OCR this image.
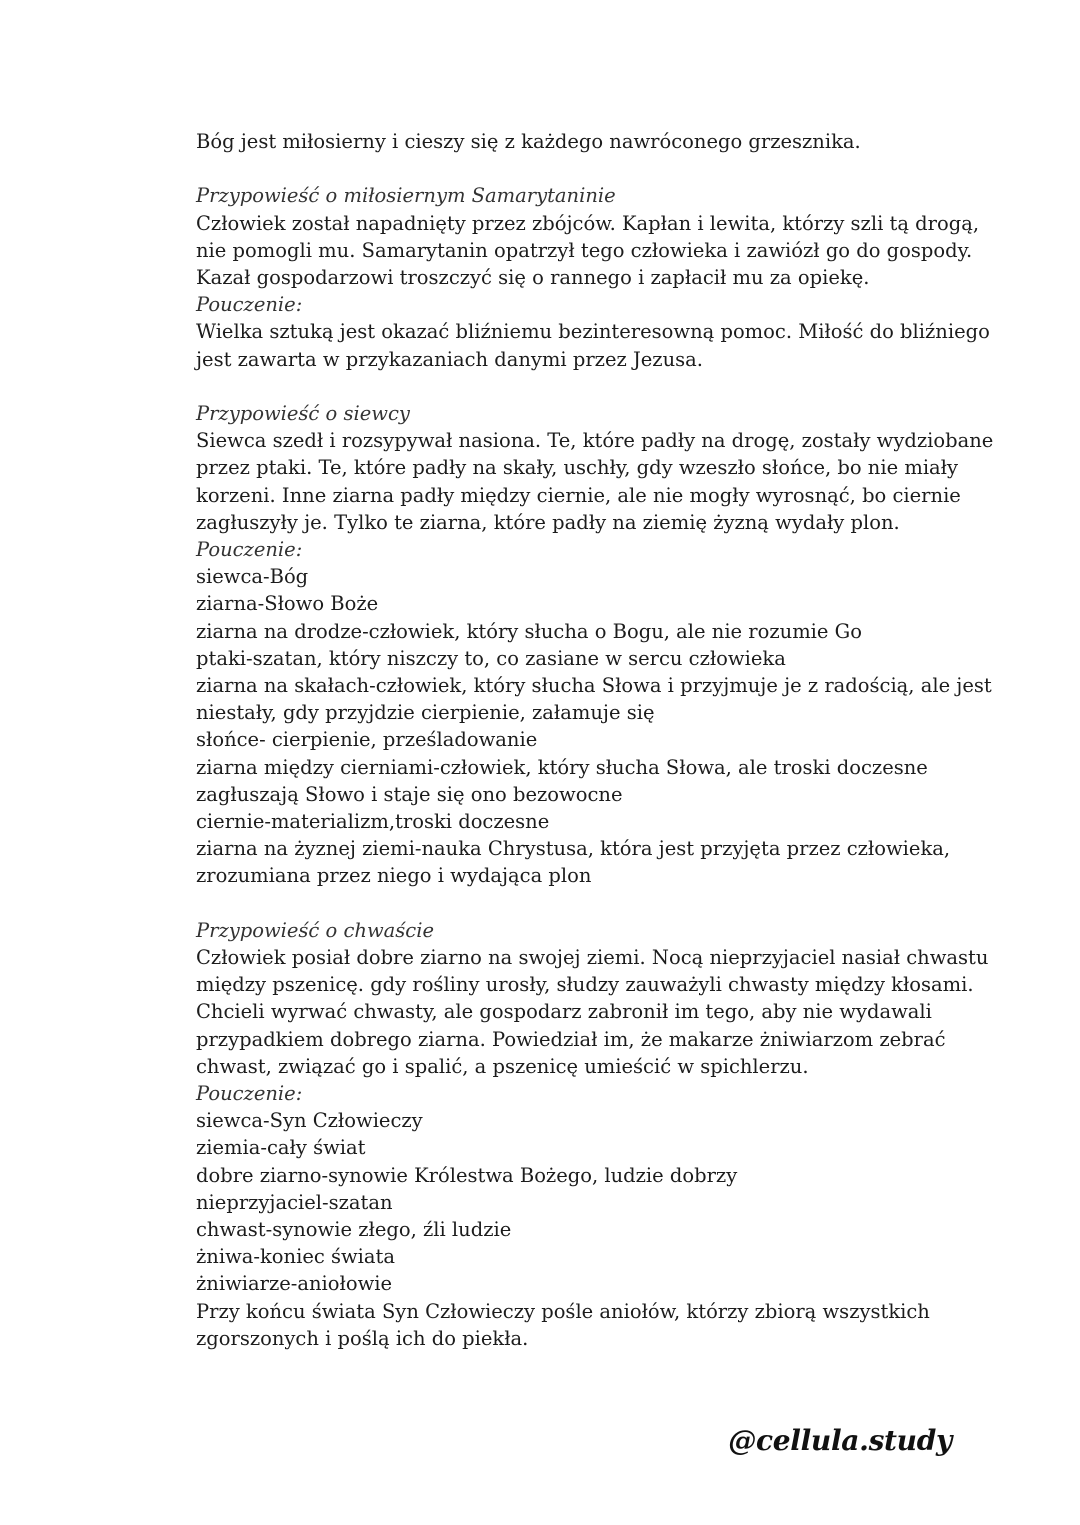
Bóg jest miłosierny i cieszy się z każdego nawróconego grzesznika.
Przypowieść o miłosiernym Samarytaninie
Człowiek został napadnięty przez zbójców. Kapłan i lewita, którzy szli tą drogą,
nie pomogli mu. Samarytanin opatrzył tego człowieka i zawiózł go do gospody.
Kazał gospodarzowi troszczyć się o rannego i zapłacił mu za opiekę.
Pouczenie:
Wielka sztuką jest okazać bliźniemu bezinteresowną pomoc. Miłość do bliźniego
jest zawarta w przykazaniach danymi przez Jezusa.
Przypowieść o siewcy
Siewca szedł i rozsypywał nasiona. Te, które padły na drogę, zostały wydziobane
przez ptaki. Te, które padły na skały, uschły, gdy wzeszło słońce, bo nie miały
korzeni. Inne ziarna padły między ciernie, ale nie mogły wyrosnąć, bo ciernie
zagłuszyły je. Tylko te ziarna, które padły na ziemię żyzną wydały plon.
Pouczenie:
siewca-Bóg
ziarna-Słowo Boże
ziarna na drodze-człowiek, który słucha o Bogu, ale nie rozumie Go
ptaki-szatan, który niszczy to, co zasiane w sercu człowieka
ziarna na skałach-człowiek, który słucha Słowa i przyjmuje je z radością, ale jest
niestały, gdy przyjdzie cierpienie, załamuje się
słońce- cierpienie, prześladowanie
ziarna między cierniami-człowiek, który słucha Słowa, ale troski doczesne
zagłuszają Słowo i staje się ono bezowocne
ciernie-materializm,troski doczesne
ziarna na żyznej ziemi-nauka Chrystusa, która jest przyjęta przez człowieka,
zrozumiana przez niego i wydająca plon
Przypowieść o chwaście
Człowiek posiał dobre ziarno na swojej ziemi. Nocą nieprzyjaciel nasiał chwastu
między pszenicę. gdy rośliny urosły, słudzy zauważyli chwasty między kłosami.
Chcieli wyrwać chwasty, ale gospodarz zabronił im tego, aby nie wydawali
przypadkiem dobrego ziarna. Powiedział im, że makarze żniwiarzom zebrać
chwast, związać go i spalić, a pszenicę umieścić w spichlerzu.
Pouczenie:
siewca-Syn Człowieczy
ziemia-cały świat
dobre ziarno-synowie Królestwa Bożego, ludzie dobrzy
nieprzyjaciel-szatan
chwast-synowie złego, źli ludzie
żniwa-koniec świata
żniwiarze-aniołowie
Przy końcu świata Syn Człowieczy pośle aniołów, którzy zbiorą wszystkich
zgorszonych i poślą ich do piekła.
@cellula.study
